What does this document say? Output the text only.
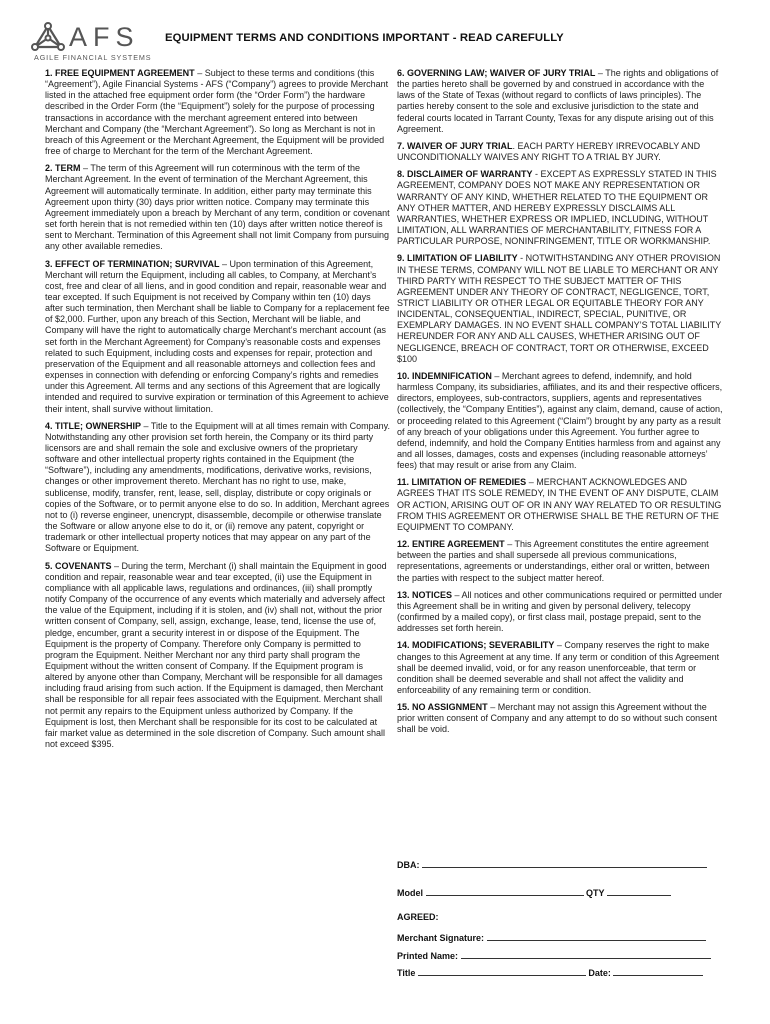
AFS
AGILE FINANCIAL SYSTEMS
EQUIPMENT TERMS AND CONDITIONS IMPORTANT - READ CAREFULLY

1. FREE EQUIPMENT AGREEMENT – Subject to these terms and conditions (this “Agreement”), Agile Financial Systems - AFS (“Company”) agrees to provide Merchant listed in the attached free equipment order form (the “Order Form”) the hardware described in the Order Form (the “Equipment”) solely for the purpose of processing transactions in accordance with the merchant agreement entered into between Merchant and Company (the “Merchant Agreement”). So long as Merchant is not in breach of this Agreement or the Merchant Agreement, the Equipment will be provided free of charge to Merchant for the term of the Merchant Agreement.

2. TERM – The term of this Agreement will run coterminous with the term of the Merchant Agreement. In the event of termination of the Merchant Agreement, this Agreement will automatically terminate. In addition, either party may terminate this Agreement upon thirty (30) days prior written notice. Company may terminate this Agreement immediately upon a breach by Merchant of any term, condition or covenant set forth herein that is not remedied within ten (10) days after written notice thereof is sent to Merchant. Termination of this Agreement shall not limit Company from pursuing any other available remedies.

3. EFFECT OF TERMINATION; SURVIVAL – Upon termination of this Agreement, Merchant will return the Equipment, including all cables, to Company, at Merchant’s cost, free and clear of all liens, and in good condition and repair, reasonable wear and tear excepted. If such Equipment is not received by Company within ten (10) days after such termination, then Merchant shall be liable to Company for a replacement fee of $2,000. Further, upon any breach of this Section, Merchant will be liable, and Company will have the right to automatically charge Merchant’s merchant account (as set forth in the Merchant Agreement) for Company’s reasonable costs and expenses related to such Equipment, including costs and expenses for repair, protection and preservation of the Equipment and all reasonable attorneys and collection fees and expenses in connection with defending or enforcing Company’s rights and remedies under this Agreement. All terms and any sections of this Agreement that are logically intended and required to survive expiration or termination of this Agreement to achieve their intent, shall survive without limitation.

4. TITLE; OWNERSHIP – Title to the Equipment will at all times remain with Company. Notwithstanding any other provision set forth herein, the Company or its third party licensors are and shall remain the sole and exclusive owners of the proprietary software and other intellectual property rights contained in the Equipment (the “Software”), including any amendments, modifications, derivative works, revisions, changes or other improvement thereto. Merchant has no right to use, make, sublicense, modify, transfer, rent, lease, sell, display, distribute or copy originals or copies of the Software, or to permit anyone else to do so. In addition, Merchant agrees not to (i) reverse engineer, unencrypt, disassemble, decompile or otherwise translate the Software or allow anyone else to do it, or (ii) remove any patent, copyright or trademark or other intellectual property notices that may appear on any part of the Software or Equipment.

5. COVENANTS – During the term, Merchant (i) shall maintain the Equipment in good condition and repair, reasonable wear and tear excepted, (ii) use the Equipment in compliance with all applicable laws, regulations and ordinances, (iii) shall promptly notify Company of the occurrence of any events which materially and adversely affect the value of the Equipment, including if it is stolen, and (iv) shall not, without the prior written consent of Company, sell, assign, exchange, lease, tend, license the use of, pledge, encumber, grant a security interest in or dispose of the Equipment. The Equipment is the property of Company. Therefore only Company is permitted to program the Equipment. Neither Merchant nor any third party shall program the Equipment without the written consent of Company. If the Equipment program is altered by anyone other than Company, Merchant will be responsible for all damages including fraud arising from such action. If the Equipment is damaged, then Merchant shall be responsible for all repair fees associated with the Equipment. Merchant shall not permit any repairs to the Equipment unless authorized by Company. If the Equipment is lost, then Merchant shall be responsible for its cost to be calculated at fair market value as determined in the sole discretion of Company. Such amount shall not exceed $395.

6. GOVERNING LAW; WAIVER OF JURY TRIAL – The rights and obligations of the parties hereto shall be governed by and construed in accordance with the laws of the State of Texas (without regard to conflicts of laws principles). The parties hereby consent to the sole and exclusive jurisdiction to the state and federal courts located in Tarrant County, Texas for any dispute arising out of this Agreement.

7. WAIVER OF JURY TRIAL. EACH PARTY HEREBY IRREVOCABLY AND UNCONDITIONALLY WAIVES ANY RIGHT TO A TRIAL BY JURY.

8. DISCLAIMER OF WARRANTY - EXCEPT AS EXPRESSLY STATED IN THIS AGREEMENT, COMPANY DOES NOT MAKE ANY REPRESENTATION OR WARRANTY OF ANY KIND, WHETHER RELATED TO THE EQUIPMENT OR ANY OTHER MATTER, AND HEREBY EXPRESSLY DISCLAIMS ALL WARRANTIES, WHETHER EXPRESS OR IMPLIED, INCLUDING, WITHOUT LIMITATION, ALL WARRANTIES OF MERCHANTABILITY, FITNESS FOR A PARTICULAR PURPOSE, NONINFRINGEMENT, TITLE OR WORKMANSHIP.

9. LIMITATION OF LIABILITY - NOTWITHSTANDING ANY OTHER PROVISION IN THESE TERMS, COMPANY WILL NOT BE LIABLE TO MERCHANT OR ANY THIRD PARTY WITH RESPECT TO THE SUBJECT MATTER OF THIS AGREEMENT UNDER ANY THEORY OF CONTRACT, NEGLIGENCE, TORT, STRICT LIABILITY OR OTHER LEGAL OR EQUITABLE THEORY FOR ANY INCIDENTAL, CONSEQUENTIAL, INDIRECT, SPECIAL, PUNITIVE, OR EXEMPLARY DAMAGES. IN NO EVENT SHALL COMPANY’S TOTAL LIABILITY HEREUNDER FOR ANY AND ALL CAUSES, WHETHER ARISING OUT OF NEGLIGENCE, BREACH OF CONTRACT, TORT OR OTHERWISE, EXCEED $100

10. INDEMNIFICATION – Merchant agrees to defend, indemnify, and hold harmless Company, its subsidiaries, affiliates, and its and their respective officers, directors, employees, sub-contractors, suppliers, agents and representatives (collectively, the “Company Entities”), against any claim, demand, cause of action, or proceeding related to this Agreement (“Claim”) brought by any party as a result of any breach of your obligations under this Agreement. You further agree to defend, indemnify, and hold the Company Entities harmless from and against any and all losses, damages, costs and expenses (including reasonable attorneys’ fees) that may result or arise from any Claim.

11. LIMITATION OF REMEDIES – MERCHANT ACKNOWLEDGES AND AGREES THAT ITS SOLE REMEDY, IN THE EVENT OF ANY DISPUTE, CLAIM OR ACTION, ARISING OUT OF OR IN ANY WAY RELATED TO OR RESULTING FROM THIS AGREEMENT OR OTHERWISE SHALL BE THE RETURN OF THE EQUIPMENT TO COMPANY.

12. ENTIRE AGREEMENT – This Agreement constitutes the entire agreement between the parties and shall supersede all previous communications, representations, agreements or understandings, either oral or written, between the parties with respect to the subject matter hereof.

13. NOTICES – All notices and other communications required or permitted under this Agreement shall be in writing and given by personal delivery, telecopy (confirmed by a mailed copy), or first class mail, postage prepaid, sent to the addresses set forth herein.

14. MODIFICATIONS; SEVERABILITY – Company reserves the right to make changes to this Agreement at any time. If any term or condition of this Agreement shall be deemed invalid, void, or for any reason unenforceable, that term or condition shall be deemed severable and shall not affect the validity and enforceability of any remaining term or condition.

15. NO ASSIGNMENT – Merchant may not assign this Agreement without the prior written consent of Company and any attempt to do so without such consent shall be void.

DBA:
Model	QTY
AGREED:
Merchant Signature:
Printed Name:
Title	Date:
